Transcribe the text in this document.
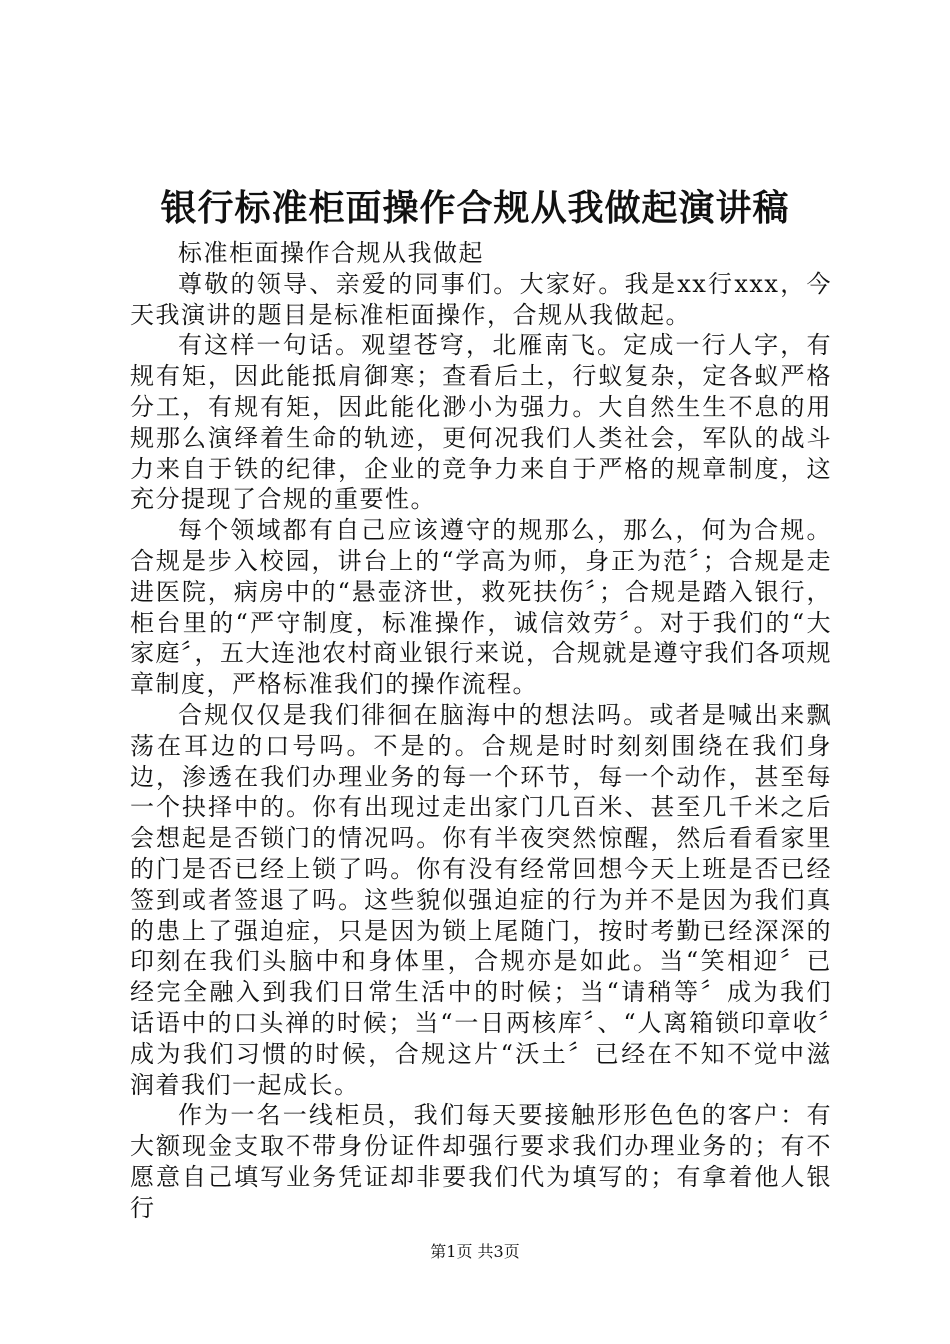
银行标准柜面操作合规从我做起演讲稿

标准柜面操作合规从我做起

尊敬的领导、亲爱的同事们。大家好。我是xx行xxx，今天我演讲的题目是标准柜面操作，合规从我做起。

有这样一句话。观望苍穹，北雁南飞。定成一行人字，有规有矩，因此能抵肩御寒；查看后土，行蚁复杂，定各蚁严格分工，有规有矩，因此能化渺小为强力。大自然生生不息的用规那么演绎着生命的轨迹，更何况我们人类社会，军队的战斗力来自于铁的纪律，企业的竞争力来自于严格的规章制度，这充分提现了合规的重要性。

每个领域都有自己应该遵守的规那么，那么，何为合规。合规是步入校园，讲台上的“学高为师，身正为范〞；合规是走进医院，病房中的“悬壶济世，救死扶伤〞；合规是踏入银行，柜台里的“严守制度，标准操作，诚信效劳〞。对于我们的“大家庭〞，五大连池农村商业银行来说，合规就是遵守我们各项规章制度，严格标准我们的操作流程。

合规仅仅是我们徘徊在脑海中的想法吗。或者是喊出来飘荡在耳边的口号吗。不是的。合规是时时刻刻围绕在我们身边，渗透在我们办理业务的每一个环节，每一个动作，甚至每一个抉择中的。你有出现过走出家门几百米、甚至几千米之后会想起是否锁门的情况吗。你有半夜突然惊醒，然后看看家里的门是否已经上锁了吗。你有没有经常回想今天上班是否已经签到或者签退了吗。这些貌似强迫症的行为并不是因为我们真的患上了强迫症，只是因为锁上尾随门，按时考勤已经深深的印刻在我们头脑中和身体里，合规亦是如此。当“笑相迎〞已经完全融入到我们日常生活中的时候；当“请稍等〞成为我们话语中的口头禅的时候；当“一日两核库〞、“人离箱锁印章收〞成为我们习惯的时候，合规这片“沃土〞已经在不知不觉中滋润着我们一起成长。

作为一名一线柜员，我们每天要接触形形色色的客户：有大额现金支取不带身份证件却强行要求我们办理业务的；有不愿意自己填写业务凭证却非要我们代为填写的；有拿着他人银行

第1页 共3页
